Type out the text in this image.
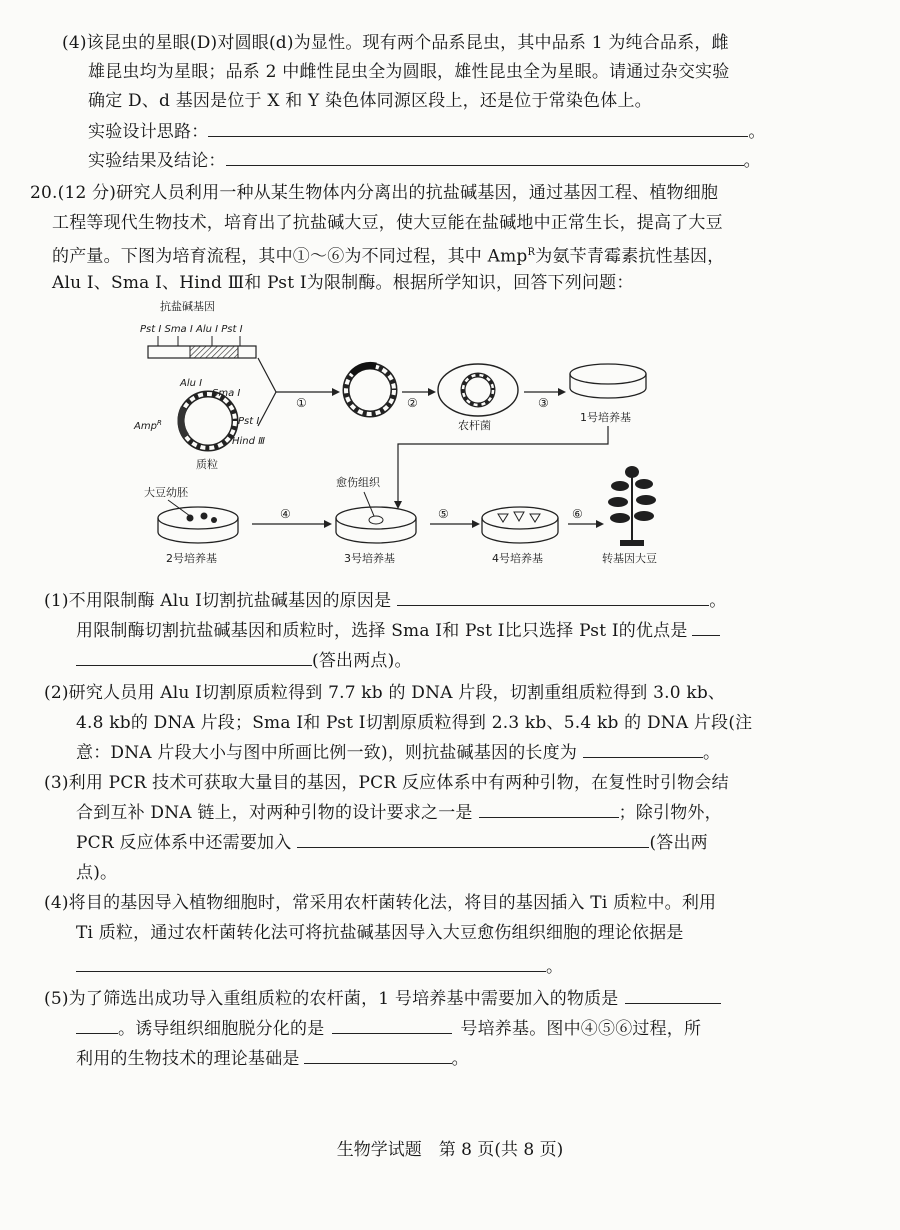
(4)该昆虫的星眼(D)对圆眼(d)为显性。现有两个品系昆虫，其中品系 1 为纯合品系，雌
雄昆虫均为星眼；品系 2 中雌性昆虫全为圆眼，雄性昆虫全为星眼。请通过杂交实验
确定 D、d 基因是位于 X 和 Y 染色体同源区段上，还是位于常染色体上。
实验设计思路：	。
实验结果及结论：	。
20.(12 分)研究人员利用一种从某生物体内分离出的抗盐碱基因，通过基因工程、植物细胞
工程等现代生物技术，培育出了抗盐碱大豆，使大豆能在盐碱地中正常生长，提高了大豆
的产量。下图为培育流程，其中①～⑥为不同过程，其中 Amp$^R$为氨苄青霉素抗性基因，
Alu Ⅰ、Sma Ⅰ、Hind Ⅲ和 Pst Ⅰ为限制酶。根据所学知识，回答下列问题：
抗盐碱基因
Pst Ⅰ Sma Ⅰ Alu Ⅰ Pst Ⅰ
Alu Ⅰ
Sma Ⅰ
Pst Ⅰ
Hind Ⅲ
Amp$^R$
质粒
①	②
农杆菌
③
1号培养基
大豆幼胚
2号培养基
④
愈伤组织
3号培养基
⑤
4号培养基
⑥
转基因大豆
(1)不用限制酶 Alu Ⅰ切割抗盐碱基因的原因是	。
用限制酶切割抗盐碱基因和质粒时，选择 Sma Ⅰ和 Pst Ⅰ比只选择 Pst Ⅰ的优点是
(答出两点)。
(2)研究人员用 Alu Ⅰ切割原质粒得到 7.7 kb 的 DNA 片段，切割重组质粒得到 3.0 kb、
4.8 kb的 DNA 片段；Sma Ⅰ和 Pst Ⅰ切割原质粒得到 2.3 kb、5.4 kb 的 DNA 片段(注
意：DNA 片段大小与图中所画比例一致)，则抗盐碱基因的长度为	。
(3)利用 PCR 技术可获取大量目的基因，PCR 反应体系中有两种引物，在复性时引物会结
合到互补 DNA 链上，对两种引物的设计要求之一是	；除引物外，
PCR 反应体系中还需要加入	(答出两
点)。
(4)将目的基因导入植物细胞时，常采用农杆菌转化法，将目的基因插入 Ti 质粒中。利用
Ti 质粒，通过农杆菌转化法可将抗盐碱基因导入大豆愈伤组织细胞的理论依据是
。
(5)为了筛选出成功导入重组质粒的农杆菌，1 号培养基中需要加入的物质是
。诱导组织细胞脱分化的是	号培养基。图中④⑤⑥过程，所
利用的生物技术的理论基础是	。
生物学试题　第 8 页(共 8 页)
